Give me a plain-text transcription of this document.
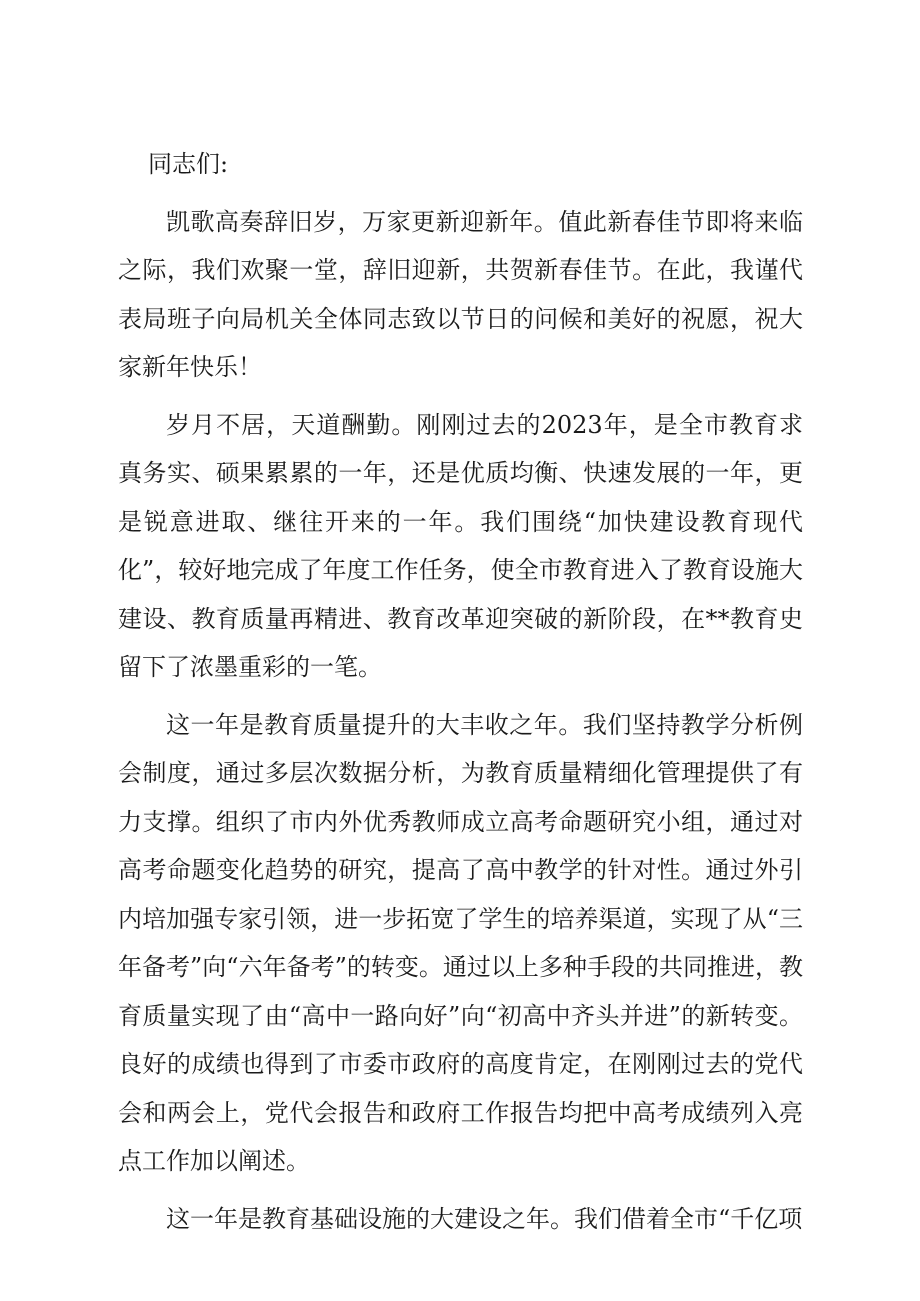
同志们:

凯歌高奏辞旧岁，万家更新迎新年。值此新春佳节即将来临之际，我们欢聚一堂，辞旧迎新，共贺新春佳节。在此，我谨代表局班子向局机关全体同志致以节日的问候和美好的祝愿，祝大家新年快乐！

岁月不居，天道酬勤。刚刚过去的2023年，是全市教育求真务实、硕果累累的一年，还是优质均衡、快速发展的一年，更是锐意进取、继往开来的一年。我们围绕“加快建设教育现代化”，较好地完成了年度工作任务，使全市教育进入了教育设施大建设、教育质量再精进、教育改革迎突破的新阶段，在**教育史留下了浓墨重彩的一笔。

这一年是教育质量提升的大丰收之年。我们坚持教学分析例会制度，通过多层次数据分析，为教育质量精细化管理提供了有力支撑。组织了市内外优秀教师成立高考命题研究小组，通过对高考命题变化趋势的研究，提高了高中教学的针对性。通过外引内培加强专家引领，进一步拓宽了学生的培养渠道，实现了从“三年备考”向“六年备考”的转变。通过以上多种手段的共同推进，教育质量实现了由“高中一路向好”向“初高中齐头并进”的新转变。良好的成绩也得到了市委市政府的高度肯定，在刚刚过去的党代会和两会上，党代会报告和政府工作报告均把中高考成绩列入亮点工作加以阐述。

这一年是教育基础设施的大建设之年。我们借着全市“千亿项
